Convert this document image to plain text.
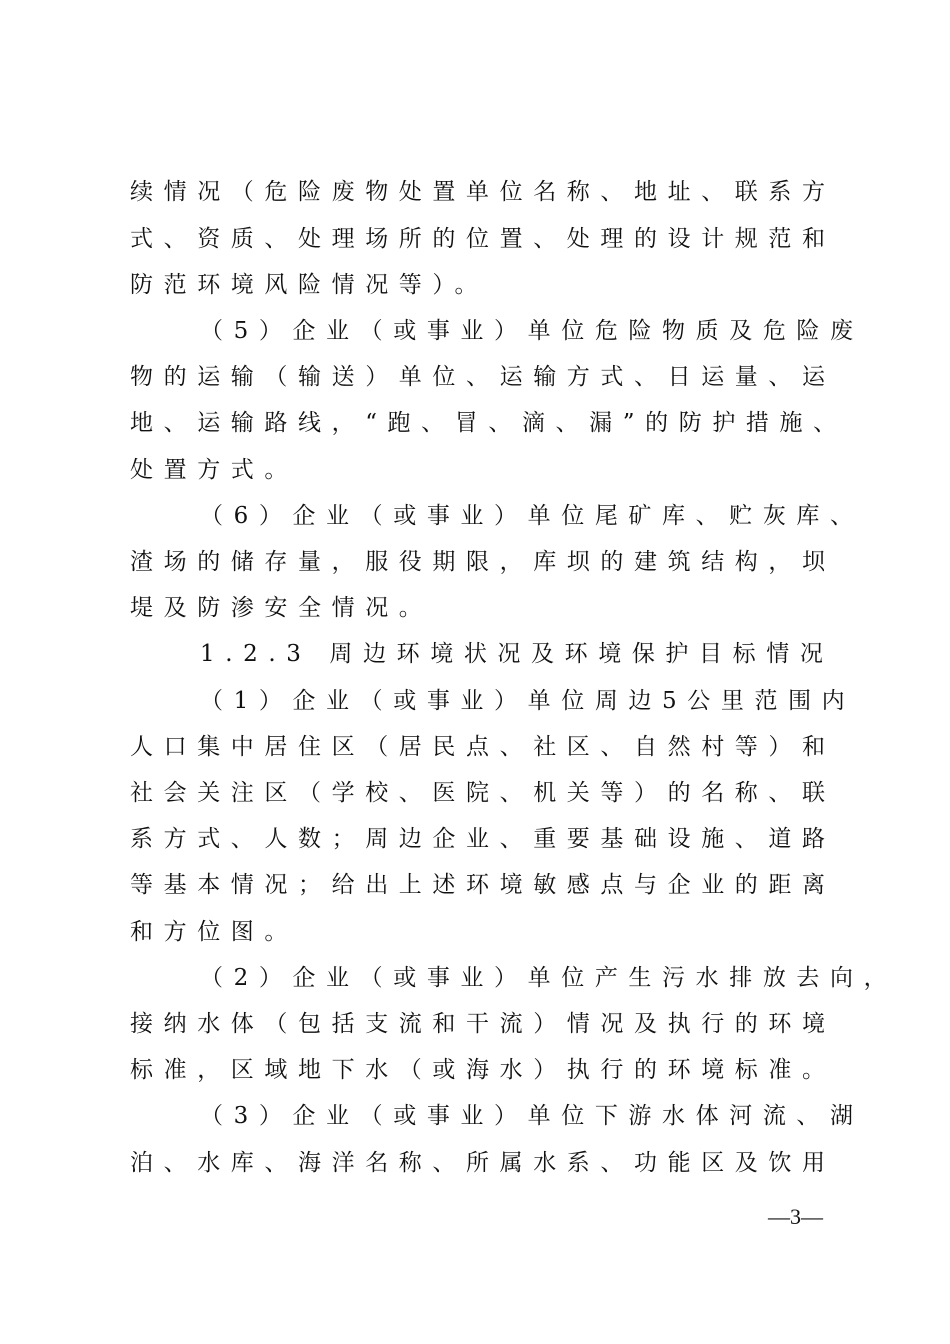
续情况（危险废物处置单位名称、地址、联系方
式、资质、处理场所的位置、处理的设计规范和
防范环境风险情况等）。
（5）企业（或事业）单位危险物质及危险废
物的运输（输送）单位、运输方式、日运量、运
地、运输路线，“跑、冒、滴、漏”的防护措施、
处置方式。
（6）企业（或事业）单位尾矿库、贮灰库、
渣场的储存量，服役期限，库坝的建筑结构，坝
堤及防渗安全情况。
1.2.3 周边环境状况及环境保护目标情况
（1）企业（或事业）单位周边5公里范围内
人口集中居住区（居民点、社区、自然村等）和
社会关注区（学校、医院、机关等）的名称、联
系方式、人数；周边企业、重要基础设施、道路
等基本情况；给出上述环境敏感点与企业的距离
和方位图。
（2）企业（或事业）单位产生污水排放去向，
接纳水体（包括支流和干流）情况及执行的环境
标准，区域地下水（或海水）执行的环境标准。
（3）企业（或事业）单位下游水体河流、湖
泊、水库、海洋名称、所属水系、功能区及饮用
—3—
